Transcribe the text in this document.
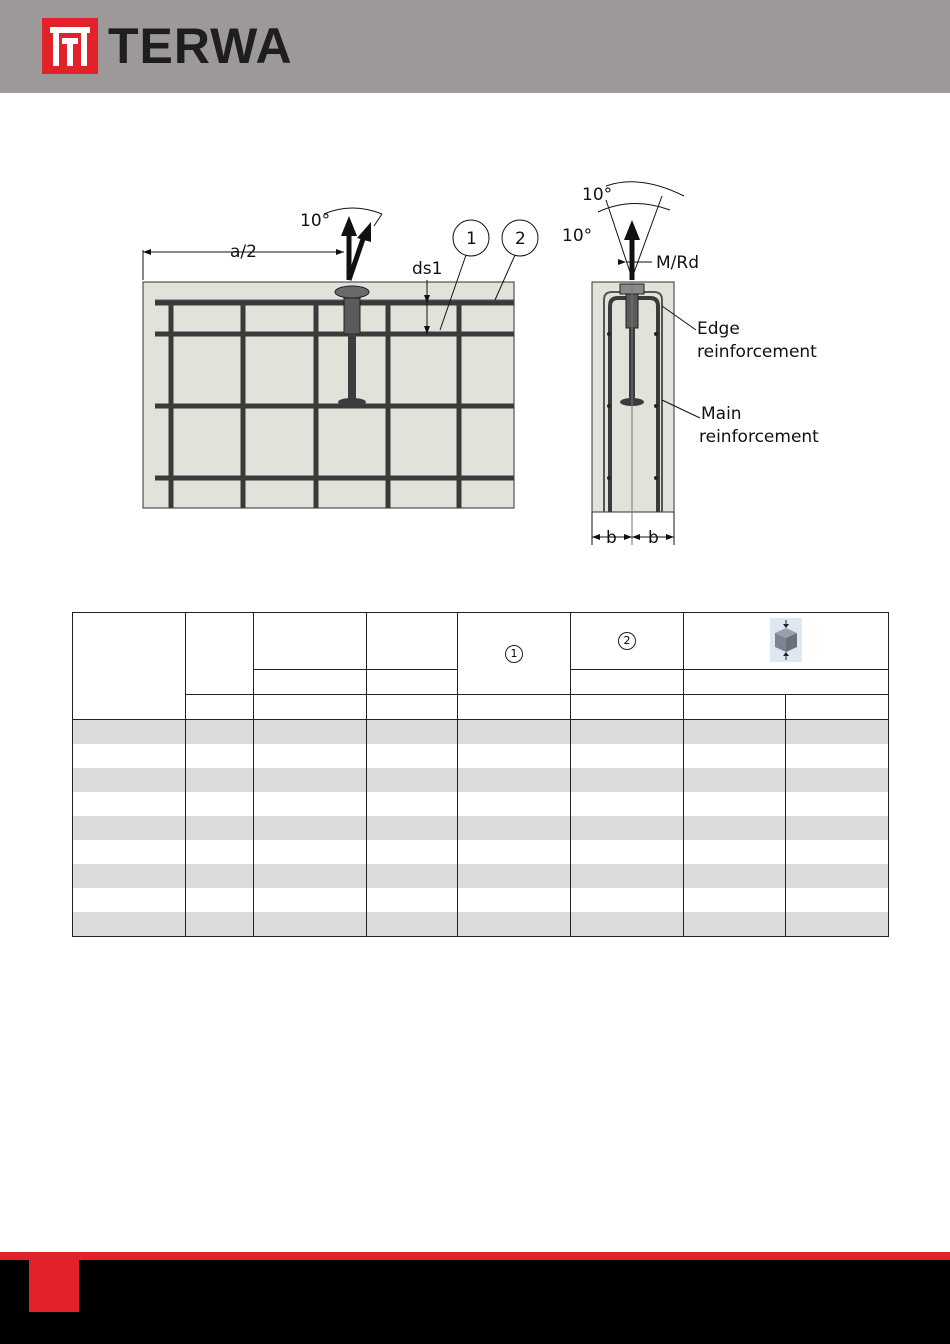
TERWA
10°
a/2
ds1
1 2
10°
10°
M/Rd
Edge
reinforcement
Main
reinforcement
b b
				1	2	
